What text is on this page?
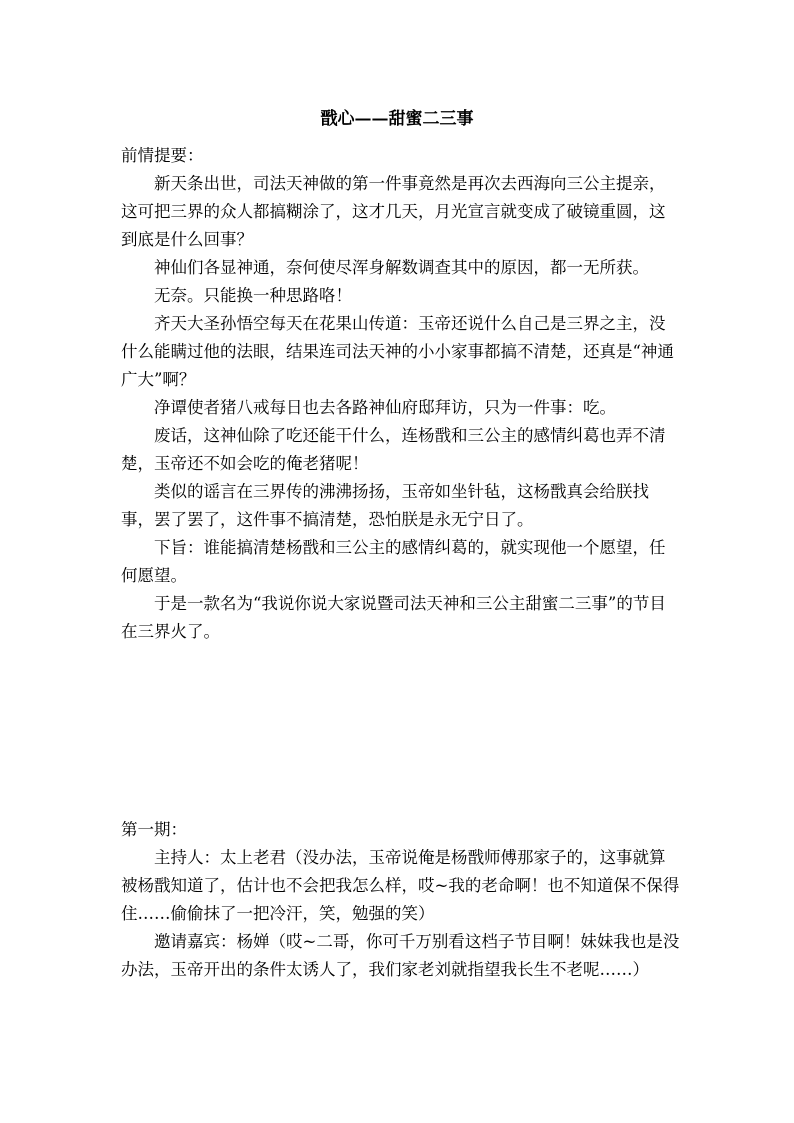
戬心——甜蜜二三事

前情提要：

新天条出世，司法天神做的第一件事竟然是再次去西海向三公主提亲，这可把三界的众人都搞糊涂了，这才几天，月光宣言就变成了破镜重圆，这到底是什么回事？

神仙们各显神通，奈何使尽浑身解数调查其中的原因，都一无所获。

无奈。只能换一种思路咯！

齐天大圣孙悟空每天在花果山传道：玉帝还说什么自己是三界之主，没什么能瞒过他的法眼，结果连司法天神的小小家事都搞不清楚，还真是“神通广大”啊？

净谭使者猪八戒每日也去各路神仙府邸拜访，只为一件事：吃。

废话，这神仙除了吃还能干什么，连杨戬和三公主的感情纠葛也弄不清楚，玉帝还不如会吃的俺老猪呢！

类似的谣言在三界传的沸沸扬扬，玉帝如坐针毡，这杨戬真会给朕找事，罢了罢了，这件事不搞清楚，恐怕朕是永无宁日了。

下旨：谁能搞清楚杨戬和三公主的感情纠葛的，就实现他一个愿望，任何愿望。

于是一款名为“我说你说大家说暨司法天神和三公主甜蜜二三事”的节目在三界火了。

第一期：

主持人：太上老君（没办法，玉帝说俺是杨戬师傅那家子的，这事就算被杨戬知道了，估计也不会把我怎么样，哎~我的老命啊！也不知道保不保得住……偷偷抹了一把冷汗，笑，勉强的笑）

邀请嘉宾：杨婵（哎~二哥，你可千万别看这档子节目啊！妹妹我也是没办法，玉帝开出的条件太诱人了，我们家老刘就指望我长生不老呢……）
